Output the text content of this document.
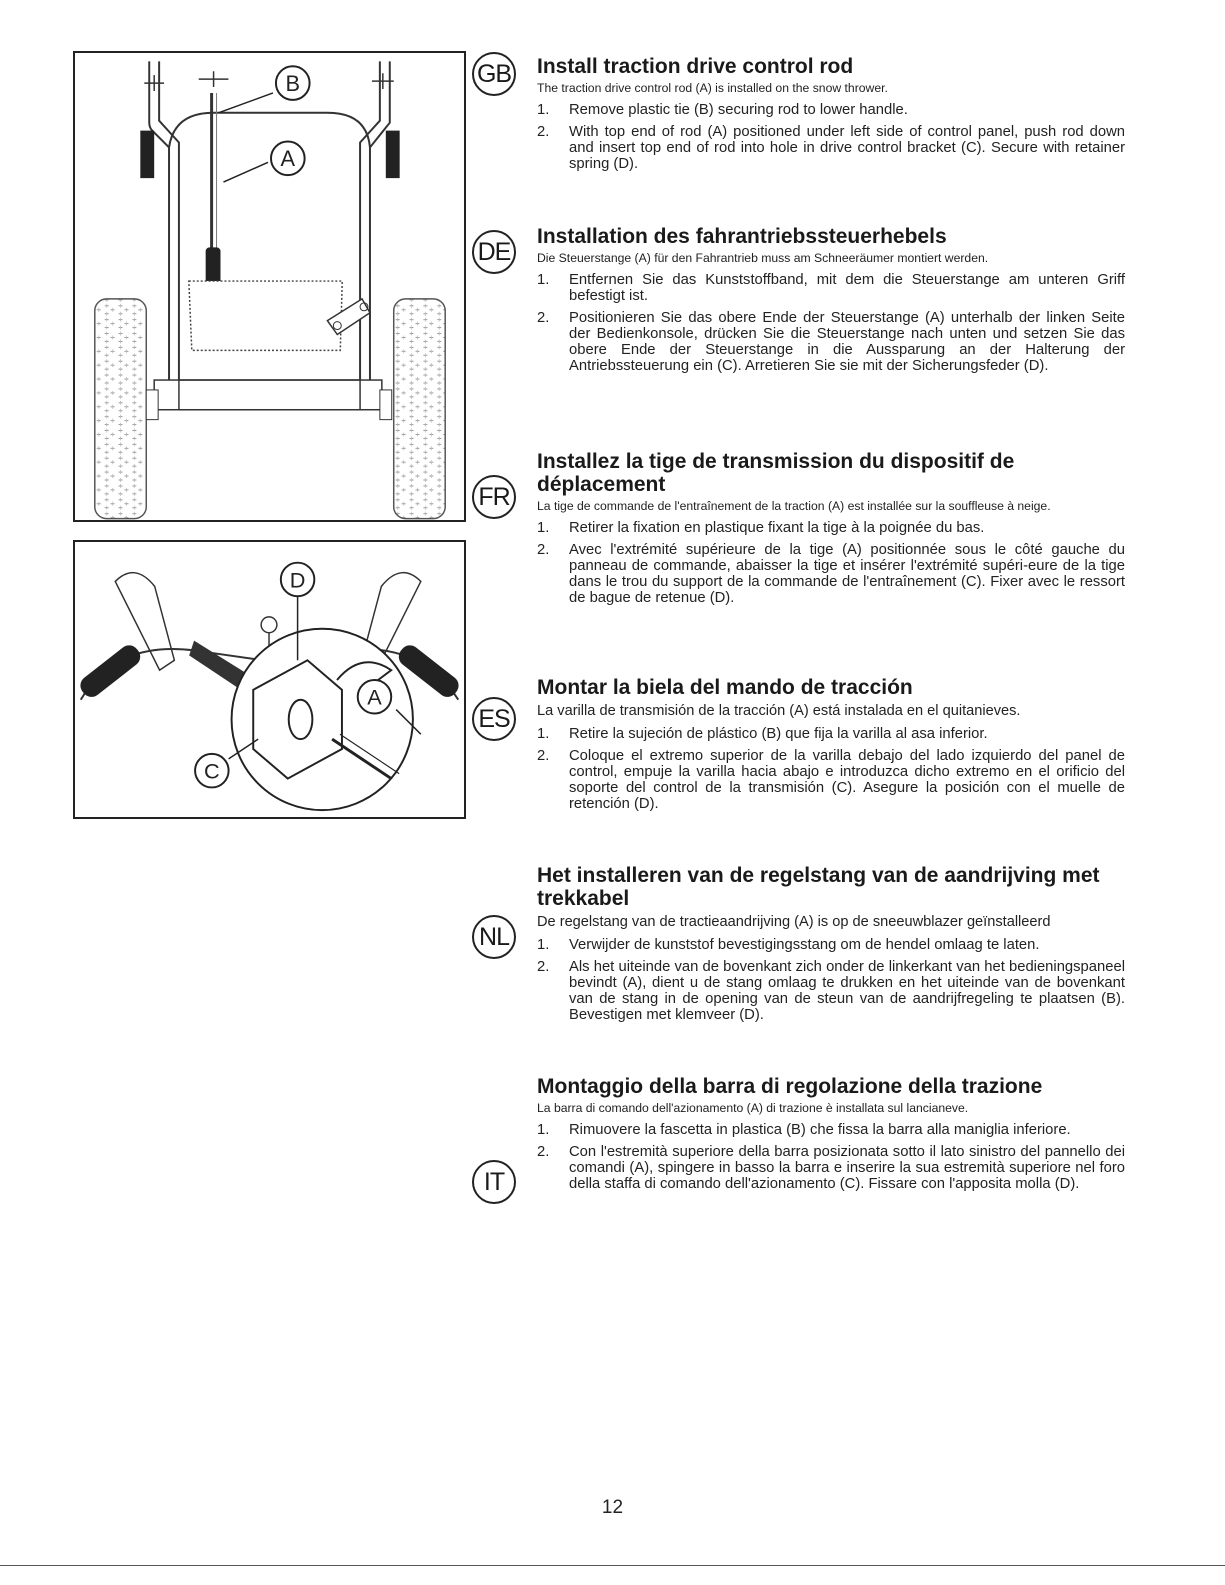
B
A
D
A
C
GB
DE
FR
ES
NL
IT
Install traction drive control rod

The traction drive control rod (A) is installed on the snow thrower.

1. Remove plastic tie (B) securing rod to lower handle.
2. With top end of rod (A) positioned under left side of control panel, push rod down and insert top end of rod into hole in drive control bracket (C). Secure with retainer spring (D).
Installation des fahrantriebssteuerhebels

Die Steuerstange (A) für den Fahrantrieb muss am Schneeräumer montiert werden.

1. Entfernen Sie das Kunststoffband, mit dem die Steuerstange am unteren Griff befestigt ist.
2. Positionieren Sie das obere Ende der Steuerstange (A) unterhalb der linken Seite der Bedienkonsole, drücken Sie die Steuerstange nach unten und setzen Sie das obere Ende der Steuerstange in die Aussparung an der Halterung der Antriebssteuerung ein (C). Arretieren Sie sie mit der Sicherungsfeder (D).
Installez la tige de transmission du dispositif de déplacement

La tige de commande de l'entraînement de la traction (A) est installée sur la souffleuse à neige.

1. Retirer la fixation en plastique fixant la tige à la poignée du bas.
2. Avec l'extrémité supérieure de la tige (A) positionnée sous le côté gauche du panneau de commande, abaisser la tige et insérer l'extrémité supéri-eure de la tige dans le trou du support de la commande de l'entraînement (C). Fixer avec le ressort de bague de retenue (D).
Montar la biela del mando de tracción

La varilla de transmisión de la tracción (A) está instalada en el quitanieves.

1. Retire la sujeción de plástico (B) que fija la varilla al asa inferior.
2. Coloque el extremo superior de la varilla debajo del lado izquierdo del panel de control, empuje la varilla hacia abajo e introduzca dicho extremo en el orificio del soporte del control de la transmisión (C). Asegure la posición con el muelle de retención (D).
Het installeren van de regelstang van de aandrijving met trekkabel

De regelstang van de tractieaandrijving (A) is op de sneeuwblazer geïnstalleerd

1. Verwijder de kunststof bevestigingsstang om de hendel omlaag te laten.
2. Als het uiteinde van de bovenkant zich onder de linkerkant van het bedieningspaneel bevindt (A), dient u de stang omlaag te drukken en het uiteinde van de bovenkant van de stang in de opening van de steun van de aandrijfregeling te plaatsen (B). Bevestigen met klemveer (D).
Montaggio della barra di regolazione della trazione

La barra di comando dell'azionamento (A) di trazione è installata sul lancianeve.

1. Rimuovere la fascetta in plastica (B) che fissa la barra alla maniglia inferiore.
2. Con l'estremità superiore della barra posizionata sotto il lato sinistro del pannello dei comandi (A), spingere in basso la barra e inserire la sua estremità superiore nel foro della staffa di comando dell'azionamento (C). Fissare con l'apposita molla (D).
12
